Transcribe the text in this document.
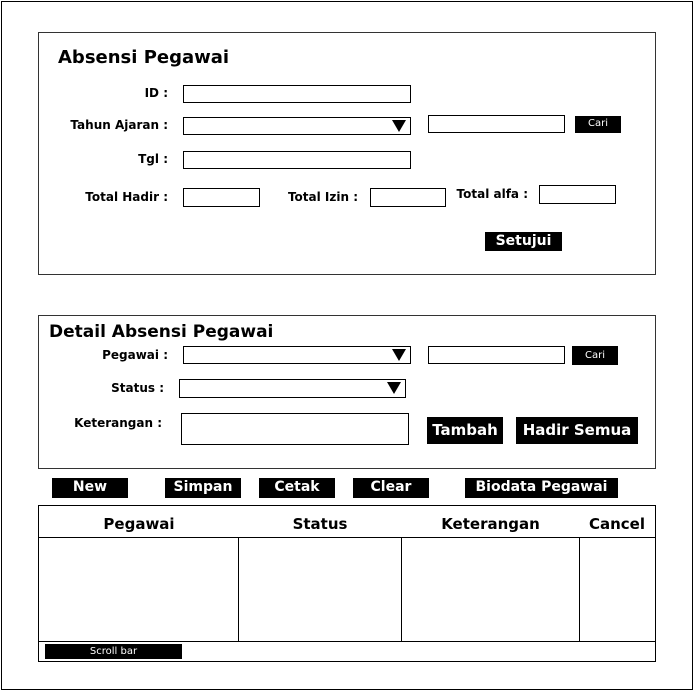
Absensi Pegawai
ID :
Tahun Ajaran :	Cari
Tgl :
Total Hadir :	Total Izin :	Total alfa :
Setujui
Detail Absensi Pegawai
Pegawai :	Cari
Status :
Keterangan :	Tambah	Hadir Semua
New	Simpan	Cetak	Clear	Biodata Pegawai
Pegawai	Status	Keterangan	Cancel
Scroll bar
